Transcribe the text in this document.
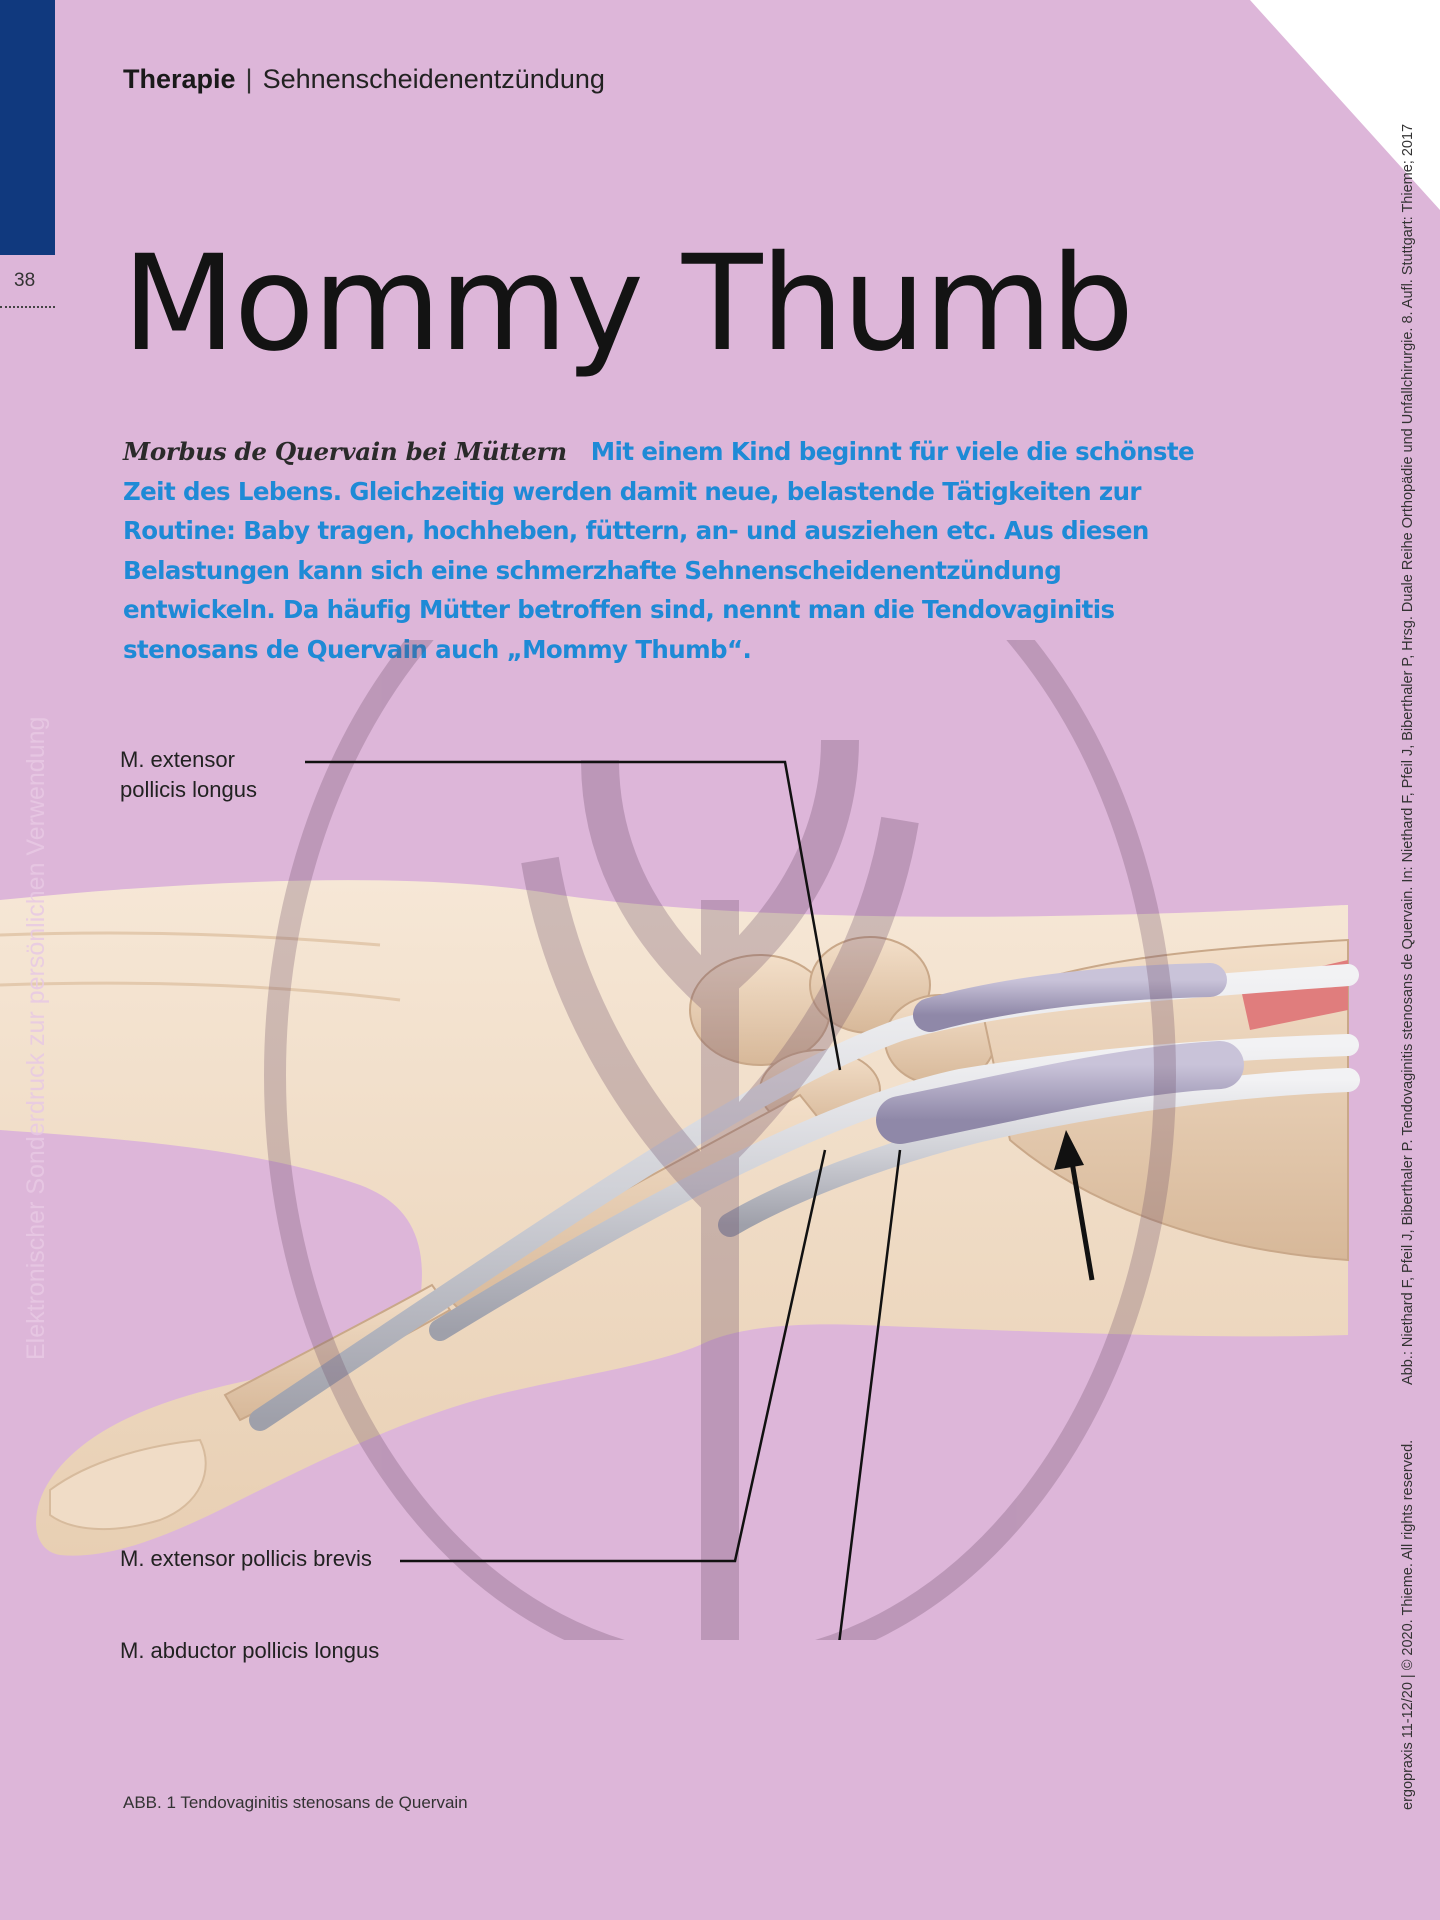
38
Therapie | Sehnenscheidenentzündung
Mommy Thumb
Morbus de Quervain bei Müttern Mit einem Kind beginnt für viele die schönste Zeit des Lebens. Gleichzeitig werden damit neue, belastende Tätigkeiten zur Routine: Baby tragen, hochheben, füttern, an- und ausziehen etc. Aus diesen Belastungen kann sich eine schmerzhafte Sehnenscheidenentzündung entwickeln. Da häufig Mütter betroffen sind, nennt man die Tendovaginitis stenosans de Quervain auch „Mommy Thumb“.
M. extensor pollicis longus
M. extensor pollicis brevis
M. abductor pollicis longus
ABB. 1 Tendovaginitis stenosans de Quervain	ergopraxis 11-12/20 | © 2020. Thieme. All rights reserved.
Abb.: Niethard F, Pfeil J, Biberthaler P. Tendovaginitis stenosans de Quervain. In: Niethard F, Pfeil J, Biberthaler P, Hrsg. Duale Reihe Orthopädie und Unfallchirurgie. 8. Aufl. Stuttgart: Thieme; 2017
Elektronischer Sonderdruck zur persönlichen Verwendung
